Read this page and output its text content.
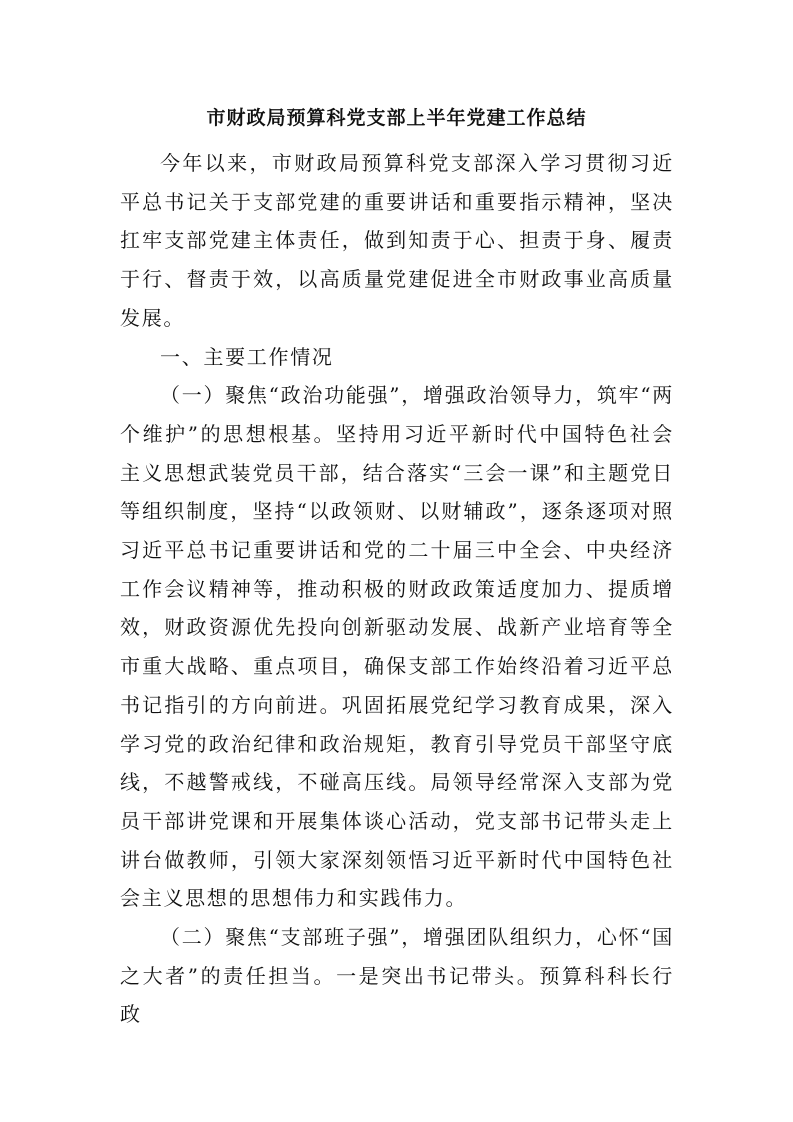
市财政局预算科党支部上半年党建工作总结

今年以来，市财政局预算科党支部深入学习贯彻习近平总书记关于支部党建的重要讲话和重要指示精神，坚决扛牢支部党建主体责任，做到知责于心、担责于身、履责于行、督责于效，以高质量党建促进全市财政事业高质量发展。

一、主要工作情况

（一）聚焦“政治功能强”，增强政治领导力，筑牢“两个维护”的思想根基。坚持用习近平新时代中国特色社会主义思想武装党员干部，结合落实“三会一课”和主题党日等组织制度，坚持“以政领财、以财辅政”，逐条逐项对照习近平总书记重要讲话和党的二十届三中全会、中央经济工作会议精神等，推动积极的财政政策适度加力、提质增效，财政资源优先投向创新驱动发展、战新产业培育等全市重大战略、重点项目，确保支部工作始终沿着习近平总书记指引的方向前进。巩固拓展党纪学习教育成果，深入学习党的政治纪律和政治规矩，教育引导党员干部坚守底线，不越警戒线，不碰高压线。局领导经常深入支部为党员干部讲党课和开展集体谈心活动，党支部书记带头走上讲台做教师，引领大家深刻领悟习近平新时代中国特色社会主义思想的思想伟力和实践伟力。

（二）聚焦“支部班子强”，增强团队组织力，心怀“国之大者”的责任担当。一是突出书记带头。预算科科长行政
